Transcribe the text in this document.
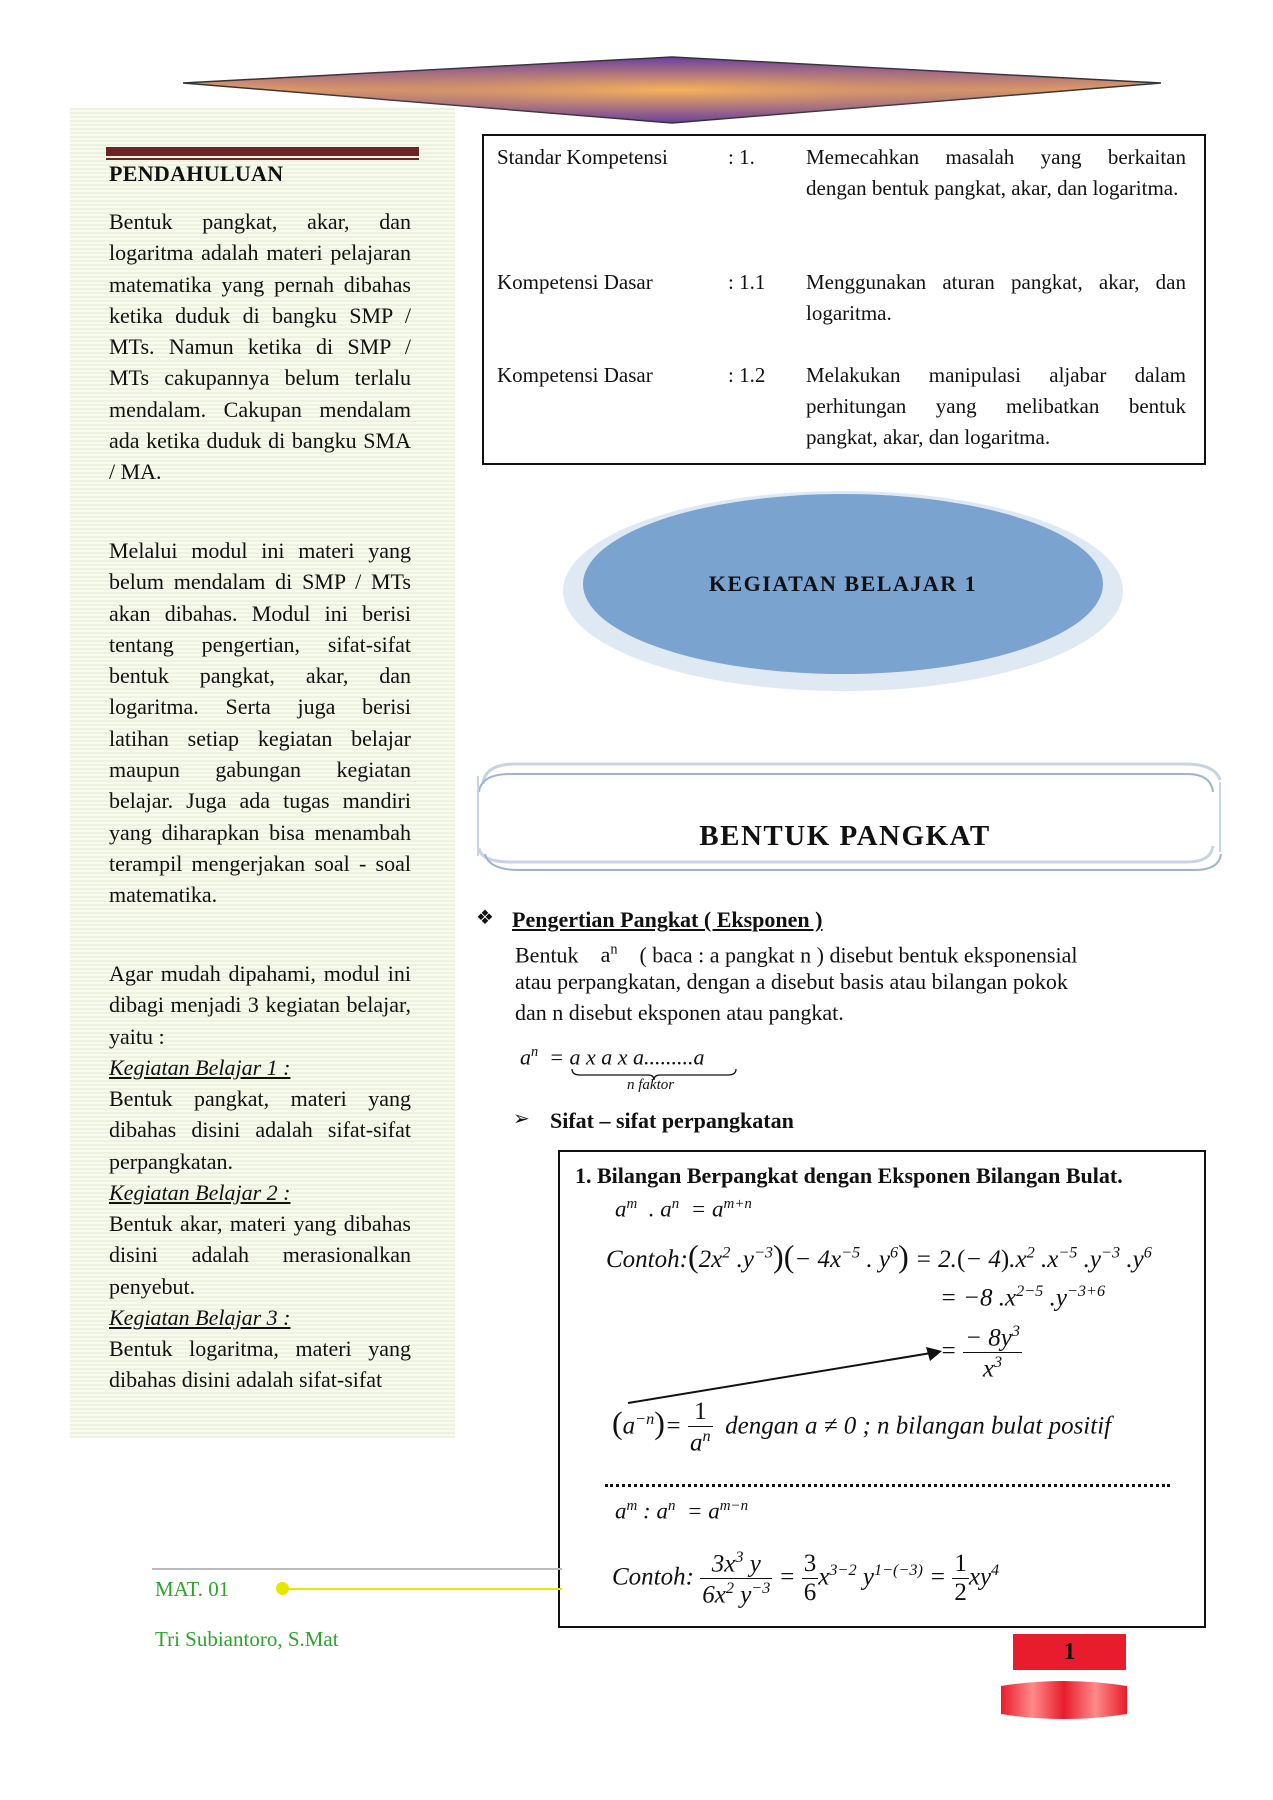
PENDAHULUAN
Bentuk pangkat, akar, dan logaritma adalah materi pelajaran matematika yang pernah dibahas ketika duduk di bangku SMP / MTs. Namun ketika di SMP / MTs cakupannya belum terlalu mendalam. Cakupan mendalam ada ketika duduk di bangku SMA / MA.
Melalui modul ini materi yang belum mendalam di SMP / MTs akan dibahas. Modul ini berisi tentang pengertian, sifat-sifat bentuk pangkat, akar, dan logaritma. Serta juga berisi latihan setiap kegiatan belajar maupun gabungan kegiatan belajar. Juga ada tugas mandiri yang diharapkan bisa menambah terampil mengerjakan soal - soal matematika.
Agar mudah dipahami, modul ini dibagi menjadi 3 kegiatan belajar, yaitu :
Kegiatan Belajar 1 :
Bentuk pangkat, materi yang dibahas disini adalah sifat-sifat perpangkatan.
Kegiatan Belajar 2 :
Bentuk akar, materi yang dibahas disini adalah merasionalkan penyebut.
Kegiatan Belajar 3 :
Bentuk logaritma, materi yang dibahas disini adalah sifat-sifat
Standar Kompetensi	: 1. Memecahkan masalah yang berkaitan dengan bentuk pangkat, akar, dan logaritma.
Kompetensi Dasar	: 1.1 Menggunakan aturan pangkat, akar, dan logaritma.
Kompetensi Dasar	: 1.2 Melakukan manipulasi aljabar dalam perhitungan yang melibatkan bentuk pangkat, akar, dan logaritma.
KEGIATAN BELAJAR 1
BENTUK PANGKAT
❖ Pengertian Pangkat ( Eksponen )
Bentuk    $a^n$ ( baca : a pangkat n ) disebut bentuk eksponensial
atau perpangkatan, dengan a disebut basis atau bilangan pokok
dan n disebut eksponen atau pangkat.
$a^n = a$ x a x a.........a
n faktor
➢ Sifat – sifat perpangkatan
1. Bilangan Berpangkat dengan Eksponen Bilangan Bulat.
$a^m$  . $a^n = a^{m+n}$
$Contoh:(2x^2$ $.y^{-3})(- 4x^{-5}$ . $y^6) = 2.(- 4).x^2$ $.x^{-5}$ $.y^{-3}$ $.y^6$
= −8 $.x^{2-5}$ $.y^{-3+6}$
= $\frac{- 8y^3}{x^3}$
$(a^{-n})= \frac{1}{a^n}$ dengan a ≠ 0 ; n bilangan bulat positif
$a^m$ : $a^n = a^{m-n}$
Contoh: $\frac{3x^3 y}{6x^2 y^{-3}} = \frac{3}{6} x^{3-2}$ $y^{1-(-3)} = \frac{1}{2} xy^4$
MAT. 01
Tri Subiantoro, S.Mat	1
